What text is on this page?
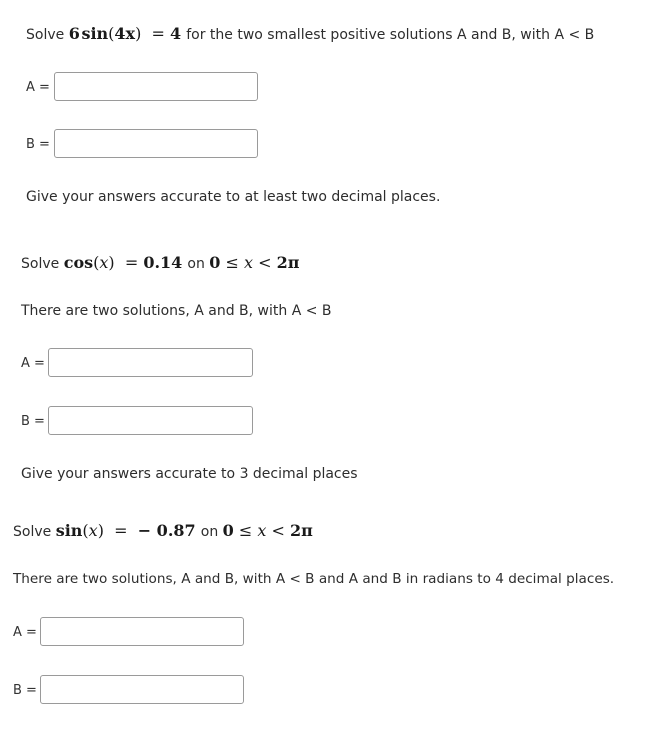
Solve 6 sin(4x)  = 4 for the two smallest positive solutions A and B, with A < B
A =
B =
Give your answers accurate to at least two decimal places.
Solve cos(x)  = 0.14 on 0 ≤ x < 2π
There are two solutions, A and B, with A < B
A =
B =
Give your answers accurate to 3 decimal places
Solve sin(x)  =  − 0.87 on 0 ≤ x < 2π
There are two solutions, A and B, with A < B and A and B in radians to 4 decimal places.
A =
B =
